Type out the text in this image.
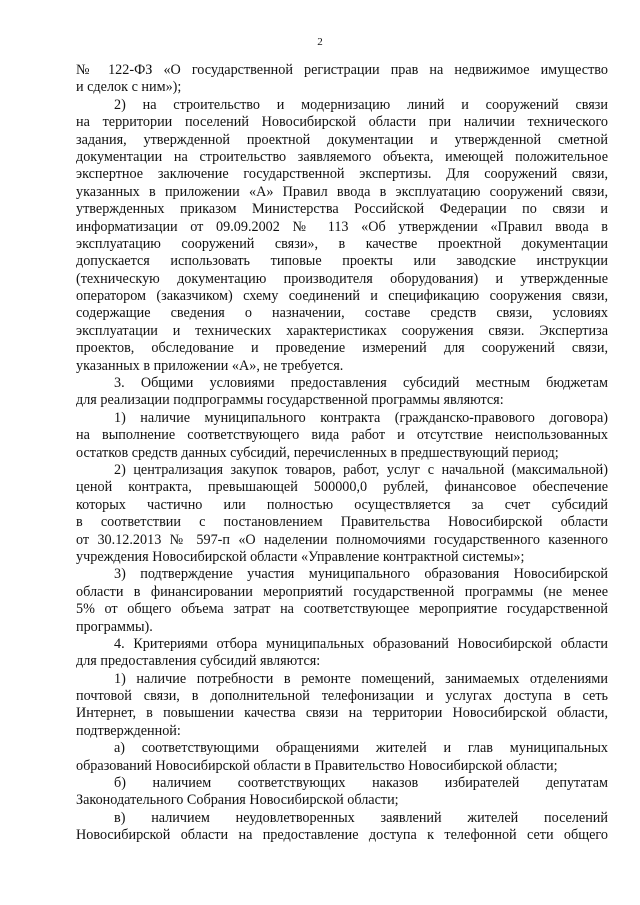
2
№ 122-ФЗ «О государственной регистрации прав на недвижимое имущество
и сделок с ним»);
2) на строительство и модернизацию линий и сооружений связи
на территории поселений Новосибирской области при наличии технического
задания, утвержденной проектной документации и утвержденной сметной
документации на строительство заявляемого объекта, имеющей положительное
экспертное заключение государственной экспертизы. Для сооружений связи,
указанных в приложении «А» Правил ввода в эксплуатацию сооружений связи,
утвержденных приказом Министерства Российской Федерации по связи и
информатизации от 09.09.2002 № 113 «Об утверждении «Правил ввода в
эксплуатацию сооружений связи», в качестве проектной документации
допускается использовать типовые проекты или заводские инструкции
(техническую документацию производителя оборудования) и утвержденные
оператором (заказчиком) схему соединений и спецификацию сооружения связи,
содержащие сведения о назначении, составе средств связи, условиях
эксплуатации и технических характеристиках сооружения связи. Экспертиза
проектов, обследование и проведение измерений для сооружений связи,
указанных в приложении «А», не требуется.
3. Общими условиями предоставления субсидий местным бюджетам
для реализации подпрограммы государственной программы являются:
1) наличие муниципального контракта (гражданско-правового договора)
на выполнение соответствующего вида работ и отсутствие неиспользованных
остатков средств данных субсидий, перечисленных в предшествующий период;
2) централизация закупок товаров, работ, услуг с начальной (максимальной)
ценой контракта, превышающей 500000,0 рублей, финансовое обеспечение
которых частично или полностью осуществляется за счет субсидий
в соответствии с постановлением Правительства Новосибирской области
от 30.12.2013 № 597-п «О наделении полномочиями государственного казенного
учреждения Новосибирской области «Управление контрактной системы»;
3) подтверждение участия муниципального образования Новосибирской
области в финансировании мероприятий государственной программы (не менее
5% от общего объема затрат на соответствующее мероприятие государственной
программы).
4. Критериями отбора муниципальных образований Новосибирской области
для предоставления субсидий являются:
1) наличие потребности в ремонте помещений, занимаемых отделениями
почтовой связи, в дополнительной телефонизации и услугах доступа в сеть
Интернет, в повышении качества связи на территории Новосибирской области,
подтвержденной:
а) соответствующими обращениями жителей и глав муниципальных
образований Новосибирской области в Правительство Новосибирской области;
б) наличием соответствующих наказов избирателей депутатам
Законодательного Собрания Новосибирской области;
в) наличием неудовлетворенных заявлений жителей поселений
Новосибирской области на предоставление доступа к телефонной сети общего
